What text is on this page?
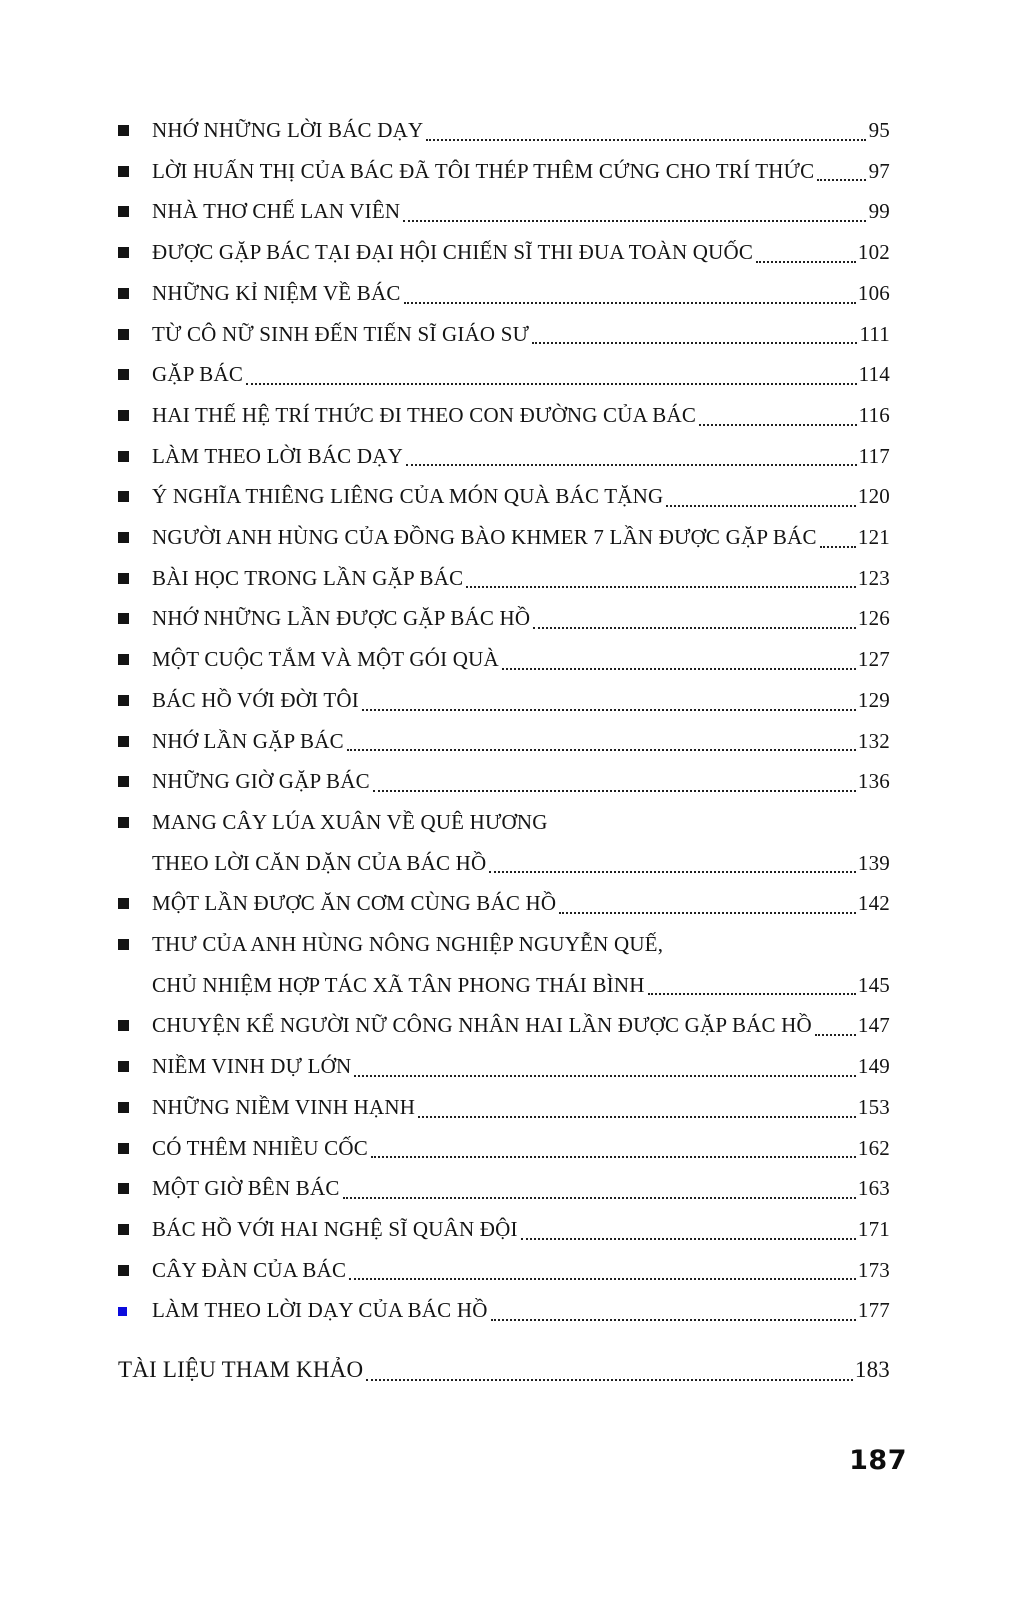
NHỚ NHỮNG LỜI BÁC DẠY	95
LỜI HUẤN THỊ CỦA BÁC ĐÃ TÔI THÉP THÊM CỨNG CHO TRÍ THỨC	97
NHÀ THƠ CHẾ LAN VIÊN	99
ĐƯỢC GẶP BÁC TẠI ĐẠI HỘI CHIẾN SĨ THI ĐUA TOÀN QUỐC	102
NHỮNG KỈ NIỆM VỀ BÁC	106
TỪ CÔ NỮ SINH ĐẾN TIẾN SĨ GIÁO SƯ	111
GẶP BÁC	114
HAI THẾ HỆ TRÍ THỨC ĐI THEO CON ĐƯỜNG CỦA BÁC	116
LÀM THEO LỜI BÁC DẠY	117
Ý NGHĨA THIÊNG LIÊNG CỦA MÓN QUÀ BÁC TẶNG	120
NGƯỜI ANH HÙNG CỦA ĐỒNG BÀO KHMER 7 LẦN ĐƯỢC GẶP BÁC 121
BÀI HỌC TRONG LẦN GẶP BÁC	123
NHỚ NHỮNG LẦN ĐƯỢC GẶP BÁC HỒ	126
MỘT CUỘC TẮM VÀ MỘT GÓI QUÀ	127
BÁC HỒ VỚI ĐỜI TÔI	129
NHỚ LẦN GẶP BÁC	132
NHỮNG GIỜ GẶP BÁC	136
MANG CÂY LÚA XUÂN VỀ QUÊ HƯƠNG
THEO LỜI CĂN DẶN CỦA BÁC HỒ	139
MỘT LẦN ĐƯỢC ĂN CƠM CÙNG BÁC HỒ	142
THƯ CỦA ANH HÙNG NÔNG NGHIỆP NGUYỄN QUẾ,
CHỦ NHIỆM HỢP TÁC XÃ TÂN PHONG THÁI BÌNH	145
CHUYỆN KỂ NGƯỜI NỮ CÔNG NHÂN HAI LẦN ĐƯỢC GẶP BÁC HỒ 147
NIỀM VINH DỰ LỚN	149
NHỮNG NIỀM VINH HẠNH	153
CÓ THÊM NHIỀU CỐC	162
MỘT GIỜ BÊN BÁC	163
BÁC HỒ VỚI HAI NGHỆ SĨ QUÂN ĐỘI	171
CÂY ĐÀN CỦA BÁC	173
LÀM THEO LỜI DẠY CỦA BÁC HỒ	177
TÀI LIỆU THAM KHẢO	183
187
